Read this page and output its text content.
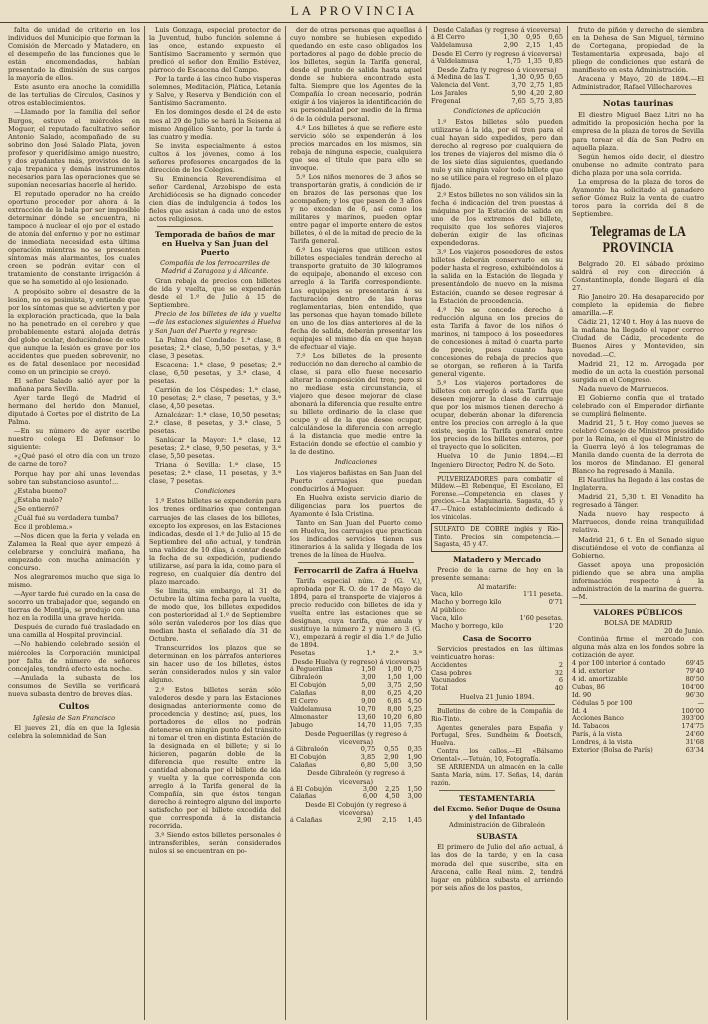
LA PROVINCIA

falta de unidad de criterio en los individuos del Municipio que forman la Comisión de Mercado y Matadero, en el desempeño de las funciones que le están encomendadas, habían presentado la dimisión de sus cargos la mayoría de ellos.

Este asunto era anoche la comidilla de las tertulias de Círculos, Casinos y otros establecimientos.

—Llamado por la familia del señor Burgos, estuvo el miércoles en Moguer, el reputado facultativo señor Antonio Salado, acompañado de su sobrino don José Salado Plata, joven profesor y queridísimo amigo nuestro, y dos ayudantes más, provistos de la caja trepanica y demás instrumentos necesarios para las operaciones que se suponían necesarias hacerle al herido.

El reputado operador no ha creído oportuno proceder por ahora á la extracción de la bala por ser imposible determinar dónde se encuentra, ni tampoco á nuclear el ojo por el estado de atonía del enfermo y por no estimar de inmediata necesidad esta última operación mientras no se presenten síntomas más alarmantes, los cuales creen se podrán evitar con el tratamiento de constante irrigación á que se ha sometido al ojo lesionado.

A propósito sobre el desastre de la lesión, no es pesimista, y entiende que por los síntomas que se advierten y por la exploración practicada, que la bala no ha penetrado en el cerebro y que probablemente estará alojada detrás del globo ocular, deduciéndose de esto que aunque la lesión es grave por los accidentes que pueden sobrevenir, no es de fatal desenlace por necesidad como en un principio se creyó.

El señor Salado salió ayer por la mañana para Sevilla.

Ayer tarde llegó de Madrid el hermano del herido don Manuel, diputado á Cortes por el distrito de La Palma.

—En su número de ayer escribe nuestro colega El Defensor lo siguiente:

«¿Qué pasó el otro día con un trozo de carne de toro?

Porque hay por ahí unas levendas sobre tan substancioso asunto!...

¿Estaba bueno?

¿Estaba malo?

¿Se entierró?

¿Cuál fué su verdadera tumba?

Ece il problema.»

—Nos dicen que la feria y velada en Zalamea la Real que ayer empezó á celebrarse y concluirá mañana, ha empezado con mucha animación y concurso.

Nos alegraremos mucho que siga lo mismo.

—Ayer tarde fué curado en la casa de socorro un trabajador que, segando en tierras de Montija, se produjo con una hoz en la rodilla una grave herida.

Después de curado fué trasladado en una camilla al Hospital provincial.

—No habiendo celebrado sesión el miércoles la Corporación municipal por falta de número de señores concejales, tendrá efecto esta noche.

—Anulada la subasta de los consumos de Sevilla se verificará nueva subasta dentro de breves días.

Cultos
Iglesia de San Francisco

El jueves 21, día en que la Iglesia celebra la solemnidad de San

Luis Gonzaga, especial protector de la Juventud, hubo función solemne á las once, estando expuesto el Santísimo Sacramento y sermón que predicó el señor don Emilio Estévez, párroco de Escacena del Campo.

Por la tarde á las cinco hubo visperas solemnes, Meditación, Plática, Letanía y Salve, y Reserva y Bendición con el Santísimo Sacramento.

En los domingos desde el 24 de este mes al 29 de Julio se hará la Seisena al mismo Angélico Santo, por la tarde á las cuatro y media.

Se invita especialmente á estos cultos á los jóvenes, como á los señores profesores encargados de la dirección de los Colegios.

Su Eminencia Reverendísima el señor Cardenal, Arzobispo de esta Archidiócesis se ha dignado conceder cien días de indulgencia á todos los fieles que asistan á cada uno de estos actos religiosos.

Temporada de baños de mar en Huelva y San Juan del Puerto
Compañía de los ferrocarriles de Madrid á Zaragoza y á Alicante.

Gran rebaja de precios con billetes de ida y vuelta, que se expenderán desde el 1.º de Julio á 15 de Septiembre.

Precio de los billetes de ida y vuelta —de las estaciones siguientes á Huelva y San Juan del Puerto y regreso:

La Palma del Condado: 1.ª clase, 8 pesetas; 2.ª clase, 5,50 pesetas, y 3.ª clase, 3 pesetas.

Escacena: 1.ª clase, 9 pesetas; 2.ª clase, 6,50 pesetas, y 3.ª clase, 4 pesetas.

Carrión de los Céspedes: 1.ª clase, 10 pesetas; 2.ª clase, 7 pesetas, y 3.ª clase, 4,50 pesetas.

Aznalcázar: 1.ª clase, 10,50 pesetas; 2.ª clase, 8 pesetas, y 3.ª clase, 5 pesetas.

Sanlúcar la Mayor: 1.ª clase, 12 pesetas; 2.ª clase, 9,50 pesetas, y 3.ª clase, 5,50 pesetas.

Triana ó Sevilla: 1.ª clase, 15 pesetas; 2.ª clase, 11 pesetas, y 3.ª clase, 7 pesetas.

Condiciones

1.º Estos billetes se expenderán para los trenes ordinarios que contengan carruajes de las clases de los billetes, excepto los expresos, en las Estaciones indicadas, desde el 1.º de Julio al 15 de Septiembre del año actual, y tendrán una validez de 10 días, á contar desde la fecha de su expedición, pudiendo utilizarse, así para la ida, como para el regreso, en cualquier día dentro del plazo marcado.

Se limita, sin embargo, al 31 de Octubre la última fecha para la vuelta, de modo que, los billetes expedidos con posterioridad al 1.º de Septiembre sólo serán valederos por los días que median hasta el señalado día 31 de Octubre.

Transcurridos los plazos que se determinan en los párrafos anteriores sin hacer uso de los billetes, éstos serán considerados nulos y sin valor alguno.

2.º Estos billetes serán sólo valederos desde y para las Estaciones designadas anteriormente como de procedencia y destino; así, pues, los portadores de ellos no podrán detenerse en ningún punto del tránsito ni tomar el tren en distinta Estación de la designada en el billete; y si lo hicieren, pagarán doble de la diferencia que resulte entre la cantidad abonada por el billete de ida y vuelta y la que corresponda con arreglo á la Tarifa general de la Compañía, sin que éstos tengan derecho á reintegro alguno del importe satisfecho por el billete excedida del que corresponda á la distancia recorrida.

3.º Siendo estos billetes personales é intransferibles, serán considerados nulos si se encuentran en po-

der de otras personas que aquellas á cuyo nombre se hubiesen expedido quedando en este caso obligados los portadores al pago de doble precio de los billetes, según la Tarifa general, desde el punto de salida hasta aquel donde se hubiera encontrado esta falta. Siempre que los Agentes de la Compañía lo crean necesario, podrán exigir á los viajeros la identificación de su personalidad por medio de la firma ó de la cédula personal.

4.º Los billetes á que se refiere este servicio sólo se expenderán á los precios marcados en los mismos, sin rebaja de ninguna especie, cualquiera que sea el título que para ello se invoque.

5.º Los niños menores de 3 años se transportarán gratis, á condición de ir en brazos de las personas que los acompañen; y los que pasen de 3 años y no excedan de 6, así como los militares y marinos, pueden optar entre pagar el importe entero de estos billetes, ó el de la mitad de precio de la Tarifa general.

6.º Los viajeros que utilicen estos billetes especiales tendrán derecho al transporte gratuito de 30 kilogramos de equipaje, abonando el exceso con arreglo á la Tarifa correspondiente. Los equipajes se presentarán á su facturación dentro de las horas reglamentarias, bien entendido, que las personas que hayan tomado billete en uno de los días anteriores al de la fecha de salida, deberán presentar los equipajes el mismo día en que hayan de efectuar el viaje.

7.º Los billetes de la presente reducción no dan derecho al cambio de clase, si para ello fuese necesario alterar la composición del tren; pero si no mediase esta circunstancia, el viajero que desee mejorar de clase abonará la diferencia que resulte entre su billete ordinario de la clase que ocupe y el de la que desee ocupar, calculándose la diferencia con arreglo á la distancia que medie entre la Estación donde se efectúe el cambio y la de destino.

Indicaciones

Los viajeros bañistas en San Juan del Puerto carruajes que puedan conducirlos á Moguer.

En Huelva existe servicio diario de diligencias para los puertos de Ayamonte é Isla Cristina.

Tanto en San Juan del Puerto como en Huelva, los carruajes que practican los indicados servicios tienen sus itinerarios á la salida y llegada de los trenes de la línea de Huelva.

Ferrocarril de Zafra á Huelva

Tarifa especial núm. 2 (G. V.), aprobada por R. O. de 17 de Mayo de 1894, para el transporte de viajeros á precio reducido con billetes de ida y vuelta entre las estaciones que se designan, cuya tarifa, que anula y sustituye la número 2 y número 3 (G. V.), empezará á regir el día 1.º de Julio de 1894.

Pesetas	1.ª	2.ª	3.ª
Desde Huelva (y regreso) á viceversa)
á Peguerillas	1,50	1,00	0,75
Gibraleón	3,00	1,50	1,00
El Cobujón	5,00	3,75	2,50
Calañas	8,00	6,25	4,20
El Cerro	9,00	6,85	4,50
Valdelamusa	10,70	8,00	5,25
Almonaster	13,60	10,20	6,80
Jabugo	14,70	11,05	7,35
Desde Peguerillas (y regreso á viceversa)
á Gibraleón	0,75	0,55	0,35
El Cobujón	3,85	2,90	1,90
Calañas	6,80	5,00	3,50
Desde Gibraleón (y regreso á viceversa)
á El Cobujón	3,00	2,25	1,50
Calañas	6,00	4,50	3,00
Desde El Cobujón (y regreso á viceversa)
á Calañas	2,90	2,15	1,45
Desde Calañas (y regreso á viceversa)
á El Cerro	1,30	0,95	0,65
Valdelamusa	2,90	2,15	1,45
Desde El Cerro (y regreso á viceversa)
á Valdelamusa	1,75	1,35	0,85
Desde Zafra (y regreso á viceversa)
á Medina de las T.	1,30	0,95	0,65
Valencia del Vent.	3,70	2,75	1,85
Los Jarales	5,90	4,20	2,80
Fregenal	7,65	5,75	3,85
Condiciones de aplicación

1.º Estos billetes sólo pueden utilizarse á la ida, por el tren para el cual hayan sido expedidos, pero dan derecho al regreso por cualquiera de los trenes de viajeros del mismo día ó de los siete días siguientes, quedando nulo y sin ningún valor todo billete que no se utilice para el regreso en el plazo fijado.

2.º Estos billetes no son válidos sin la fecha é indicación del tren puestas á máquina por la Estación de salida en uno de los extremos del billete, requisito que los señores viajeros deberán exigir de las oficinas expendedoras.

3.º Los viajeros poseedores de estos billetes deberán conservarlo en su poder hasta el regreso, exhibiéndolos á la salida en la Estación de llegada y presentándolo de nuevo en la misma Estación, cuando se desee regresar á la Estación de procedencia.

4.º No se concede derecho á reducción alguna en los precios de esta Tarifa á favor de los niños ó marinos, ni tampoco á los poseedores de concesiones á mitad ó cuarta parte de precio, pues cuanto haya concesiones de rebaja de precios que se otorgan, se refieren á la Tarifa general vigente.

5.º Los viajeros portadores de billetes con arreglo á esta Tarifa que deseen mejorar la clase de carruaje que por los mismos tienen derecho á ocupar, deberán abonar la diferencia entre los precios con arreglo á la que existe, según la Tarifa general entre los precios de los billetes enteros, por el trayecto que lo soliciten.

Huelva 10 de Junio 1894.—El Ingeniero Director, Pedro N. de Soto.

PULVERIZADORES para combatir el Mildew.—El Rebenque, El Escolano, El Forense.—Competencia en clases y precios.—La Maquinaria. Sagasta, 45 y 47.—Único establecimiento dedicado á los vinicolas.

SULFATO DE COBRE inglés y Rio-Tinto. Precios sin competencia.—Sagasta, 45 y 47.
Matadero y Mercado

Precio de la carne de hoy en la presente semana:

Al matarife:
Vaca, kilo	1'11 peseta.
Macho y borrego kilo	0'71
Al público:	
Vaca, kilo	1'60 pesetas.
Macho y borrego, kilo	1'20
Casa de Socorro

Servicios prestados en las últimas veinticuatro horas:

Accidentes	2
Casa pobres	32
Vacunados	6
Total	40
Huelva 21 Junio 1894.

Bulletins de cobre de la Compañía de Rio-Tinto.

Agentes generales para España y Portugal, Sres. Sundheim & Doetsch, Huelva.

Contra los callos.—El «Bálsamo Oriental».—Tetuán, 10, Fotografía.

SE ARRIENDA un almacén en la calle Santa María, núm. 17. Señas, 14, darán razón.

TESTAMENTARIA
del Excmo. Señor Duque de Osuna y del Infantado
Administración de Gibraleón
SUBASTA

El primero de Julio del año actual, á las dos de la tarde, y en la casa morada del que suscribe, sita en Aracena, calle Real núm. 2, tendrá lugar en pública subasta el arriendo por seis años de los pastos,

fruto de piñón y derecho de siembra en la Dehesa de San Miguel, término de Cortegana, propiedad de la Testamentaria expresada, bajo el pliego de condiciones que estará de manifiesto en esta Administración.

Aracena y Mayo, 20 de 1894.—El Administrador, Rafael Villecharoves

Notas taurinas

El diestro Miguel Baez Litri no ha admitido la proposición hecha por la empresa de la plaza de toros de Sevilla para torear el día de San Pedro en aquella plaza.

Según hemos oído decir, el diestro onubense no admite contrato para dicha plaza por una sola corrida.

La empresa de la plaza de toros de Ayamonte ha solicitado al ganadero señor Gómez Ruiz la venta de cuatro toros para la corrida del 8 de Septiembre.

Telegramas de LA PROVINCIA

Belgrado 20. El sábado próximo saldrá el rey con dirección á Constantinopla, donde llegará el día 27.

Rio Janeiro 20. Ha desaparecido por completo la epidemia de fiebre amarilla.—F.

Cádiz 21, 12'40 t. Hoy á las nueve de la mañana ha llegado el vapor correo Ciudad de Cádiz, procedente de Buenos Aires y Montevideo, sin novedad.—C.

Madrid 21, 12 m. Arrogada por medio de un acta la cuestión personal surgida en el Congreso.

Nada nuevo de Marruecos.

El Gobierno confía que el tratado celebrado con el Emperador dirfiante se cumplirá fielmente.

Madrid 21, 5 t. Hoy como jueves se celebró Consejo de Ministros presidido por la Reina, en el que el Ministro de la Guerra leyó á los telegramas de Manila dando cuenta de la derrota de los moros de Mindanao. El general Blanco ha regresado á Manila.

El Nautilus ha llegado á las costas de Inglaterra.

Madrid 21, 5,30 t. El Venadito ha regresado á Tánger.

Nada nuevo hay respecto á Marruecos, donde reina tranquilidad relativa.

Madrid 21, 6 t. En el Senado sigue discutiéndose el voto de confianza al Gobierno.

Gasset apoya una proposición pidiendo que se abra una amplia información respecto á la administración de la marina de guerra.—M.

VALORES PÚBLICOS
BOLSA DE MADRID
20 de Junio.

Continúa firme el mercado con alguna más alza en los fondos sobre la cotización de ayer.

4 por 100 interior á contado	69'45
4 id. exterior	79'40
4 id. amortizable	80'50
Cubas, 86	104'00
Id. 90	96'30
Cédulas 5 por 100	—
Id. 4	100'00
Acciones Banco	393'00
Id. Tabacos	174'75
París, á la vista	24'60
Londres, á la vista	31'68
Exterior (Bolsa de París)	63'34
